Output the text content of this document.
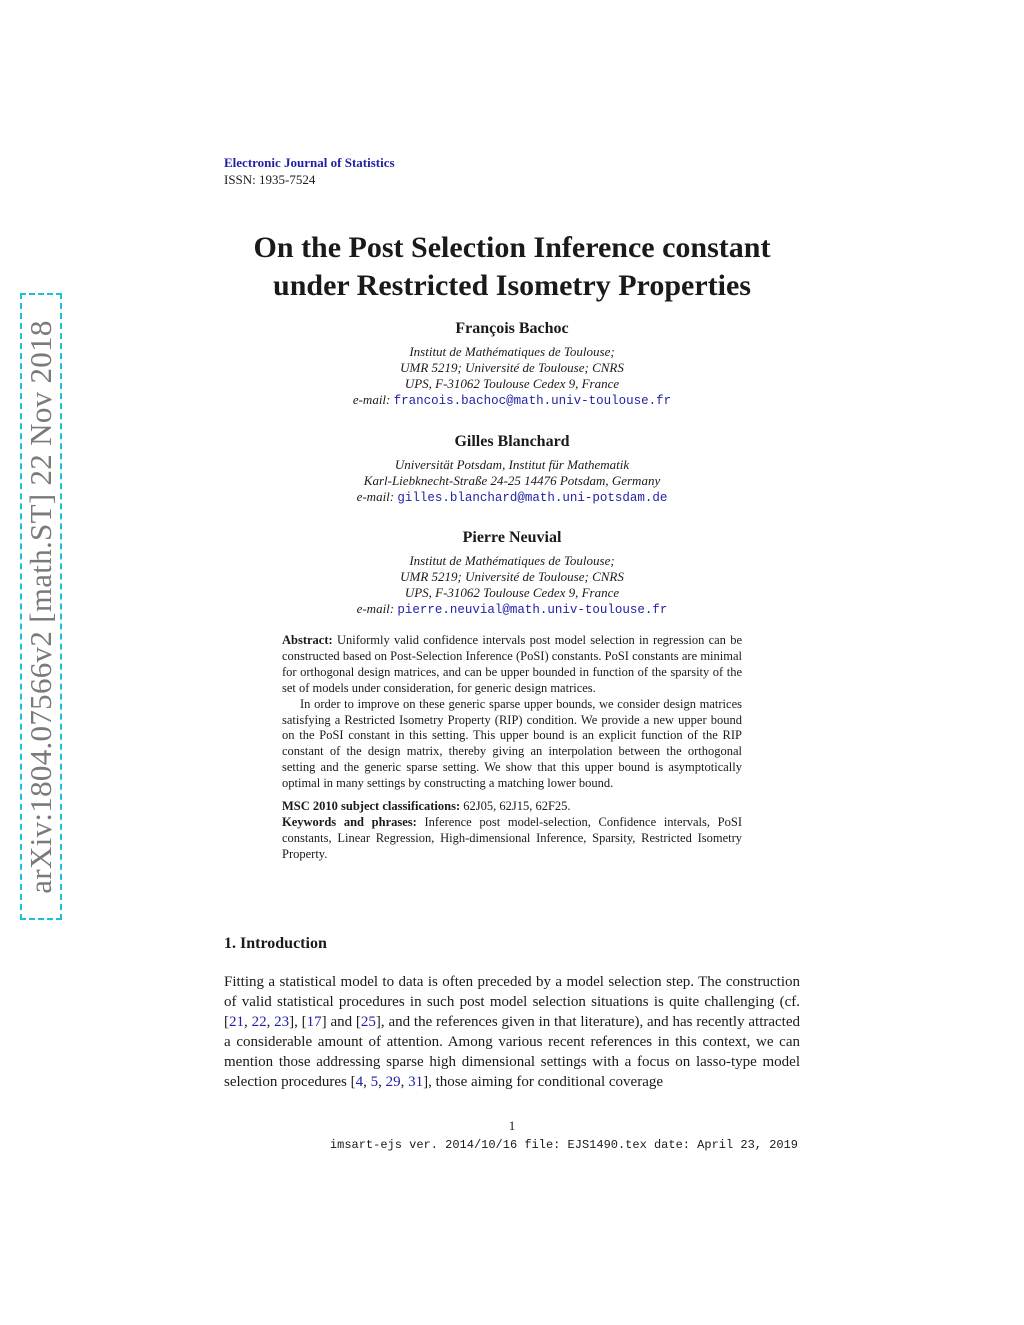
arXiv:1804.07566v2 [math.ST] 22 Nov 2018
Electronic Journal of Statistics
ISSN: 1935-7524
On the Post Selection Inference constant
under Restricted Isometry Properties
François Bachoc
Institut de Mathématiques de Toulouse;
UMR 5219; Université de Toulouse; CNRS
UPS, F-31062 Toulouse Cedex 9, France
e-mail: francois.bachoc@math.univ-toulouse.fr
Gilles Blanchard
Universität Potsdam, Institut für Mathematik
Karl-Liebknecht-Straße 24-25 14476 Potsdam, Germany
e-mail: gilles.blanchard@math.uni-potsdam.de
Pierre Neuvial
Institut de Mathématiques de Toulouse;
UMR 5219; Université de Toulouse; CNRS
UPS, F-31062 Toulouse Cedex 9, France
e-mail: pierre.neuvial@math.univ-toulouse.fr

Abstract: Uniformly valid confidence intervals post model selection in regression can be constructed based on Post-Selection Inference (PoSI) constants. PoSI constants are minimal for orthogonal design matrices, and can be upper bounded in function of the sparsity of the set of models under consideration, for generic design matrices.

In order to improve on these generic sparse upper bounds, we consider design matrices satisfying a Restricted Isometry Property (RIP) condition. We provide a new upper bound on the PoSI constant in this setting. This upper bound is an explicit function of the RIP constant of the design matrix, thereby giving an interpolation between the orthogonal setting and the generic sparse setting. We show that this upper bound is asymptotically optimal in many settings by constructing a matching lower bound.

MSC 2010 subject classifications: 62J05, 62J15, 62F25.

Keywords and phrases: Inference post model-selection, Confidence intervals, PoSI constants, Linear Regression, High-dimensional Inference, Sparsity, Restricted Isometry Property.

1. Introduction

Fitting a statistical model to data is often preceded by a model selection step. The construction of valid statistical procedures in such post model selection situations is quite challenging (cf. [21, 22, 23], [17] and [25], and the references given in that literature), and has recently attracted a considerable amount of attention. Among various recent references in this context, we can mention those addressing sparse high dimensional settings with a focus on lasso-type model selection procedures [4, 5, 29, 31], those aiming for conditional coverage

1
imsart-ejs ver. 2014/10/16 file: EJS1490.tex date: April 23, 2019
